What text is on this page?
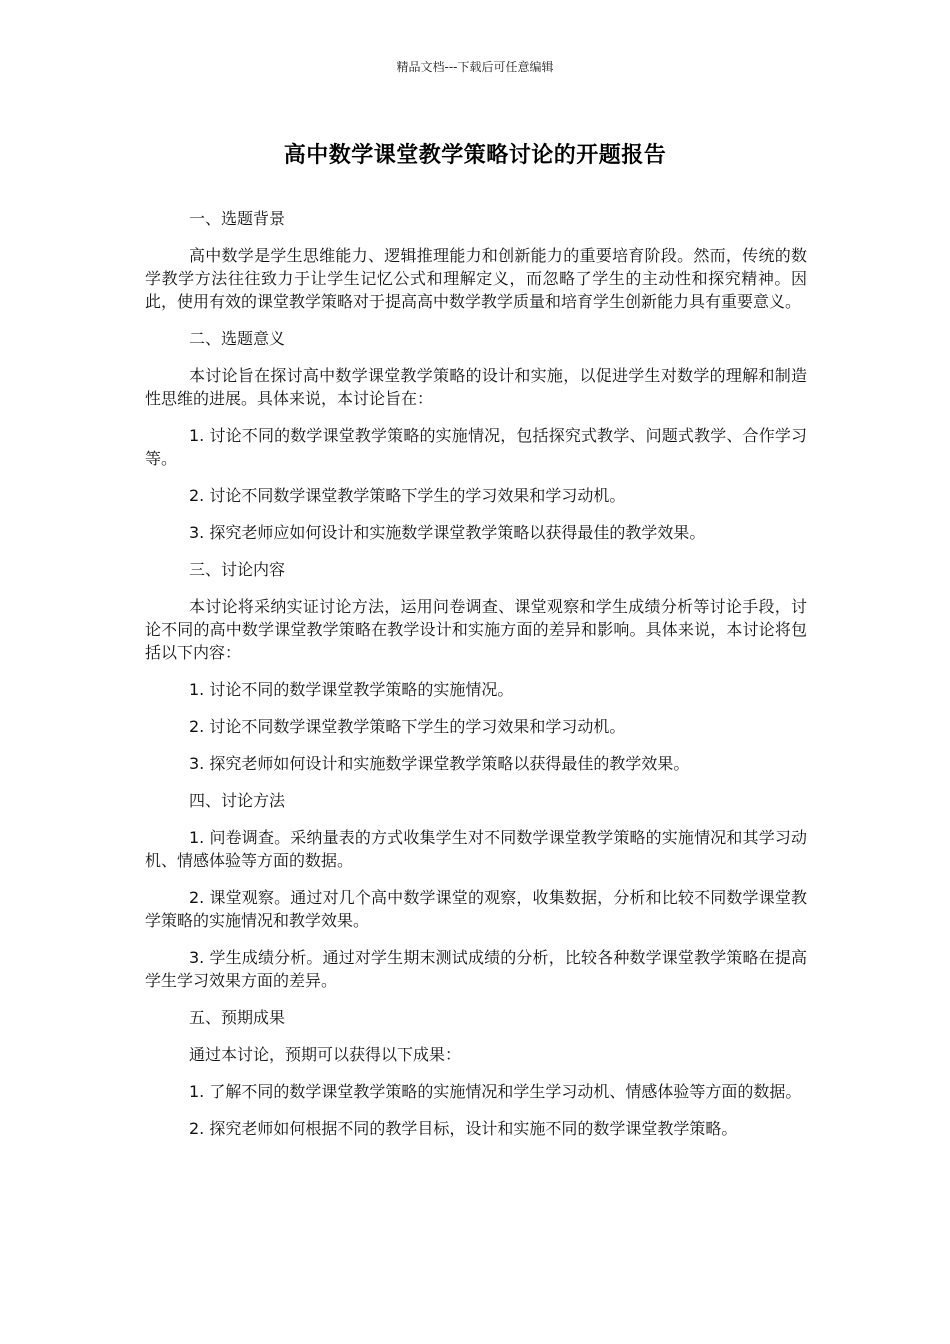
精品文档---下载后可任意编辑
高中数学课堂教学策略讨论的开题报告

一、选题背景

高中数学是学生思维能力、逻辑推理能力和创新能力的重要培育阶段。然而，传统的数学教学方法往往致力于让学生记忆公式和理解定义，而忽略了学生的主动性和探究精神。因此，使用有效的课堂教学策略对于提高高中数学教学质量和培育学生创新能力具有重要意义。

二、选题意义

本讨论旨在探讨高中数学课堂教学策略的设计和实施，以促进学生对数学的理解和制造性思维的进展。具体来说，本讨论旨在：

1. 讨论不同的数学课堂教学策略的实施情况，包括探究式教学、问题式教学、合作学习等。

2. 讨论不同数学课堂教学策略下学生的学习效果和学习动机。

3. 探究老师应如何设计和实施数学课堂教学策略以获得最佳的教学效果。

三、讨论内容

本讨论将采纳实证讨论方法，运用问卷调查、课堂观察和学生成绩分析等讨论手段，讨论不同的高中数学课堂教学策略在教学设计和实施方面的差异和影响。具体来说，本讨论将包括以下内容：

1. 讨论不同的数学课堂教学策略的实施情况。

2. 讨论不同数学课堂教学策略下学生的学习效果和学习动机。

3. 探究老师如何设计和实施数学课堂教学策略以获得最佳的教学效果。

四、讨论方法

1. 问卷调查。采纳量表的方式收集学生对不同数学课堂教学策略的实施情况和其学习动机、情感体验等方面的数据。

2. 课堂观察。通过对几个高中数学课堂的观察，收集数据，分析和比较不同数学课堂教学策略的实施情况和教学效果。

3. 学生成绩分析。通过对学生期末测试成绩的分析，比较各种数学课堂教学策略在提高学生学习效果方面的差异。

五、预期成果

通过本讨论，预期可以获得以下成果：

1. 了解不同的数学课堂教学策略的实施情况和学生学习动机、情感体验等方面的数据。

2. 探究老师如何根据不同的教学目标，设计和实施不同的数学课堂教学策略。
